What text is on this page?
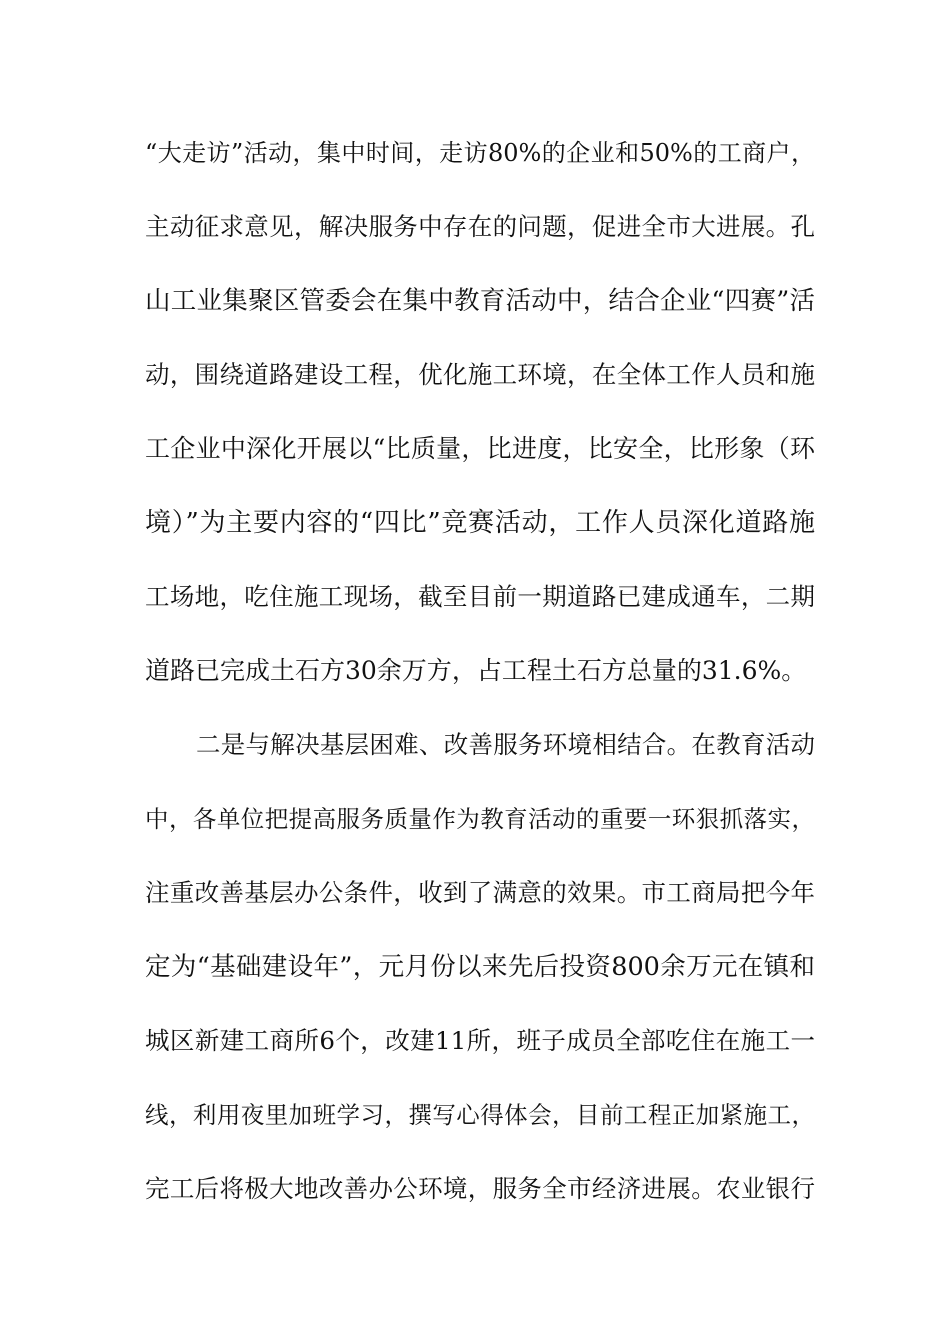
“大走访”活动，集中时间，走访80%的企业和50%的工商户，
主动征求意见，解决服务中存在的问题，促进全市大进展。孔
山工业集聚区管委会在集中教育活动中，结合企业“四赛”活
动，围绕道路建设工程，优化施工环境，在全体工作人员和施
工企业中深化开展以“比质量，比进度，比安全，比形象（环
境）”为主要内容的“四比”竞赛活动，工作人员深化道路施
工场地，吃住施工现场，截至目前一期道路已建成通车，二期
道路已完成土石方30余万方，占工程土石方总量的31.6%。
二是与解决基层困难、改善服务环境相结合。在教育活动
中，各单位把提高服务质量作为教育活动的重要一环狠抓落实，
注重改善基层办公条件，收到了满意的效果。市工商局把今年
定为“基础建设年”，元月份以来先后投资800余万元在镇和
城区新建工商所6个，改建11所，班子成员全部吃住在施工一
线，利用夜里加班学习，撰写心得体会，目前工程正加紧施工，
完工后将极大地改善办公环境，服务全市经济进展。农业银行
